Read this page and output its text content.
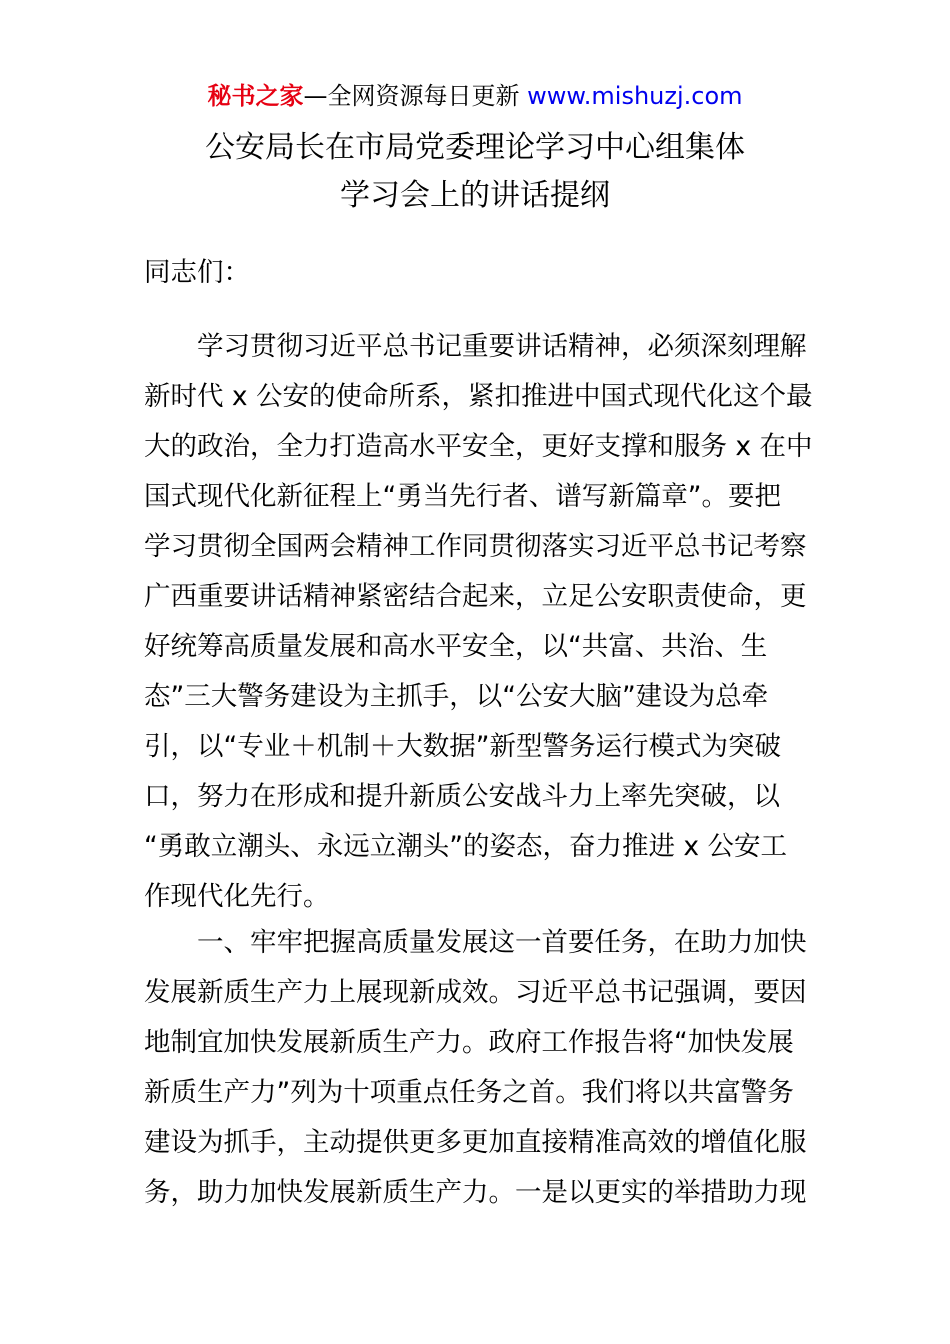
秘书之家—全网资源每日更新 www.mishuzj.com
公安局长在市局党委理论学习中心组集体
学习会上的讲话提纲
同志们：
　　学习贯彻习近平总书记重要讲话精神，必须深刻理解
新时代 x 公安的使命所系，紧扣推进中国式现代化这个最
大的政治，全力打造高水平安全，更好支撑和服务 x 在中
国式现代化新征程上“勇当先行者、谱写新篇章”。要把
学习贯彻全国两会精神工作同贯彻落实习近平总书记考察
广西重要讲话精神紧密结合起来，立足公安职责使命，更
好统筹高质量发展和高水平安全，以“共富、共治、生
态”三大警务建设为主抓手，以“公安大脑”建设为总牵
引，以“专业＋机制＋大数据”新型警务运行模式为突破
口，努力在形成和提升新质公安战斗力上率先突破，以
“勇敢立潮头、永远立潮头”的姿态，奋力推进 x 公安工
作现代化先行。
　　一、牢牢把握高质量发展这一首要任务，在助力加快
发展新质生产力上展现新成效。习近平总书记强调，要因
地制宜加快发展新质生产力。政府工作报告将“加快发展
新质生产力”列为十项重点任务之首。我们将以共富警务
建设为抓手，主动提供更多更加直接精准高效的增值化服
务，助力加快发展新质生产力。一是以更实的举措助力现
